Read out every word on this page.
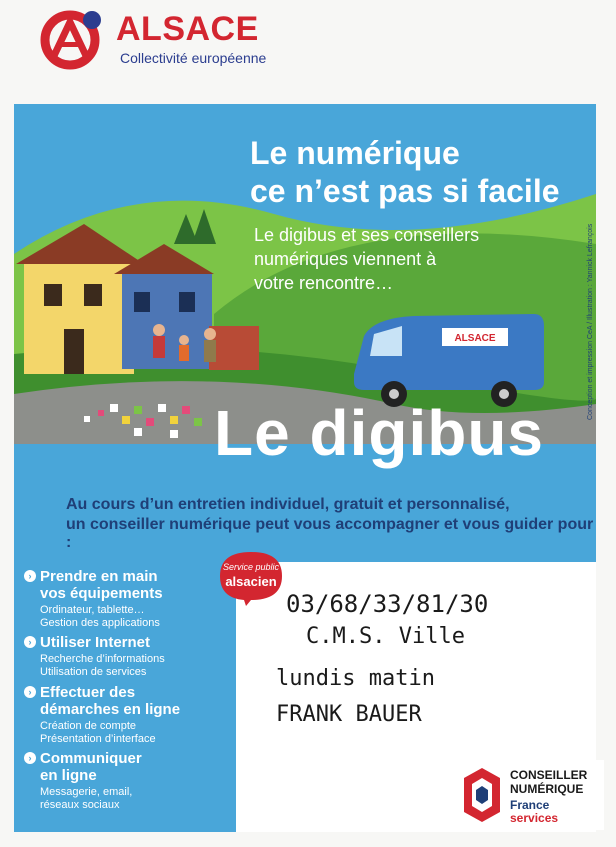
ALSACE
Collectivité européenne
ALSACE
Le numérique
ce n’est pas si facile
Le digibus et ses conseillers
numériques viennent à
votre rencontre…	Conception et impression CeA / Illustration : Yannick Lefrançois
Le digibus
Au cours d’un entretien individuel, gratuit et personnalisé,
un conseiller numérique peut vous accompagner et vous guider pour :
› Prendre en main
vos équipements
Ordinateur, tablette…
Gestion des applications
› Utiliser Internet
Recherche d’informations
Utilisation de services
› Effectuer des
démarches en ligne
Création de compte
Présentation d’interface
› Communiquer
en ligne
Messagerie, email,
réseaux sociaux
03/68/33/81/30
C.M.S. Ville
lundis matin
FRANK BAUER
Service public
alsacien
CONSEILLER
NUMÉRIQUE
France
services
